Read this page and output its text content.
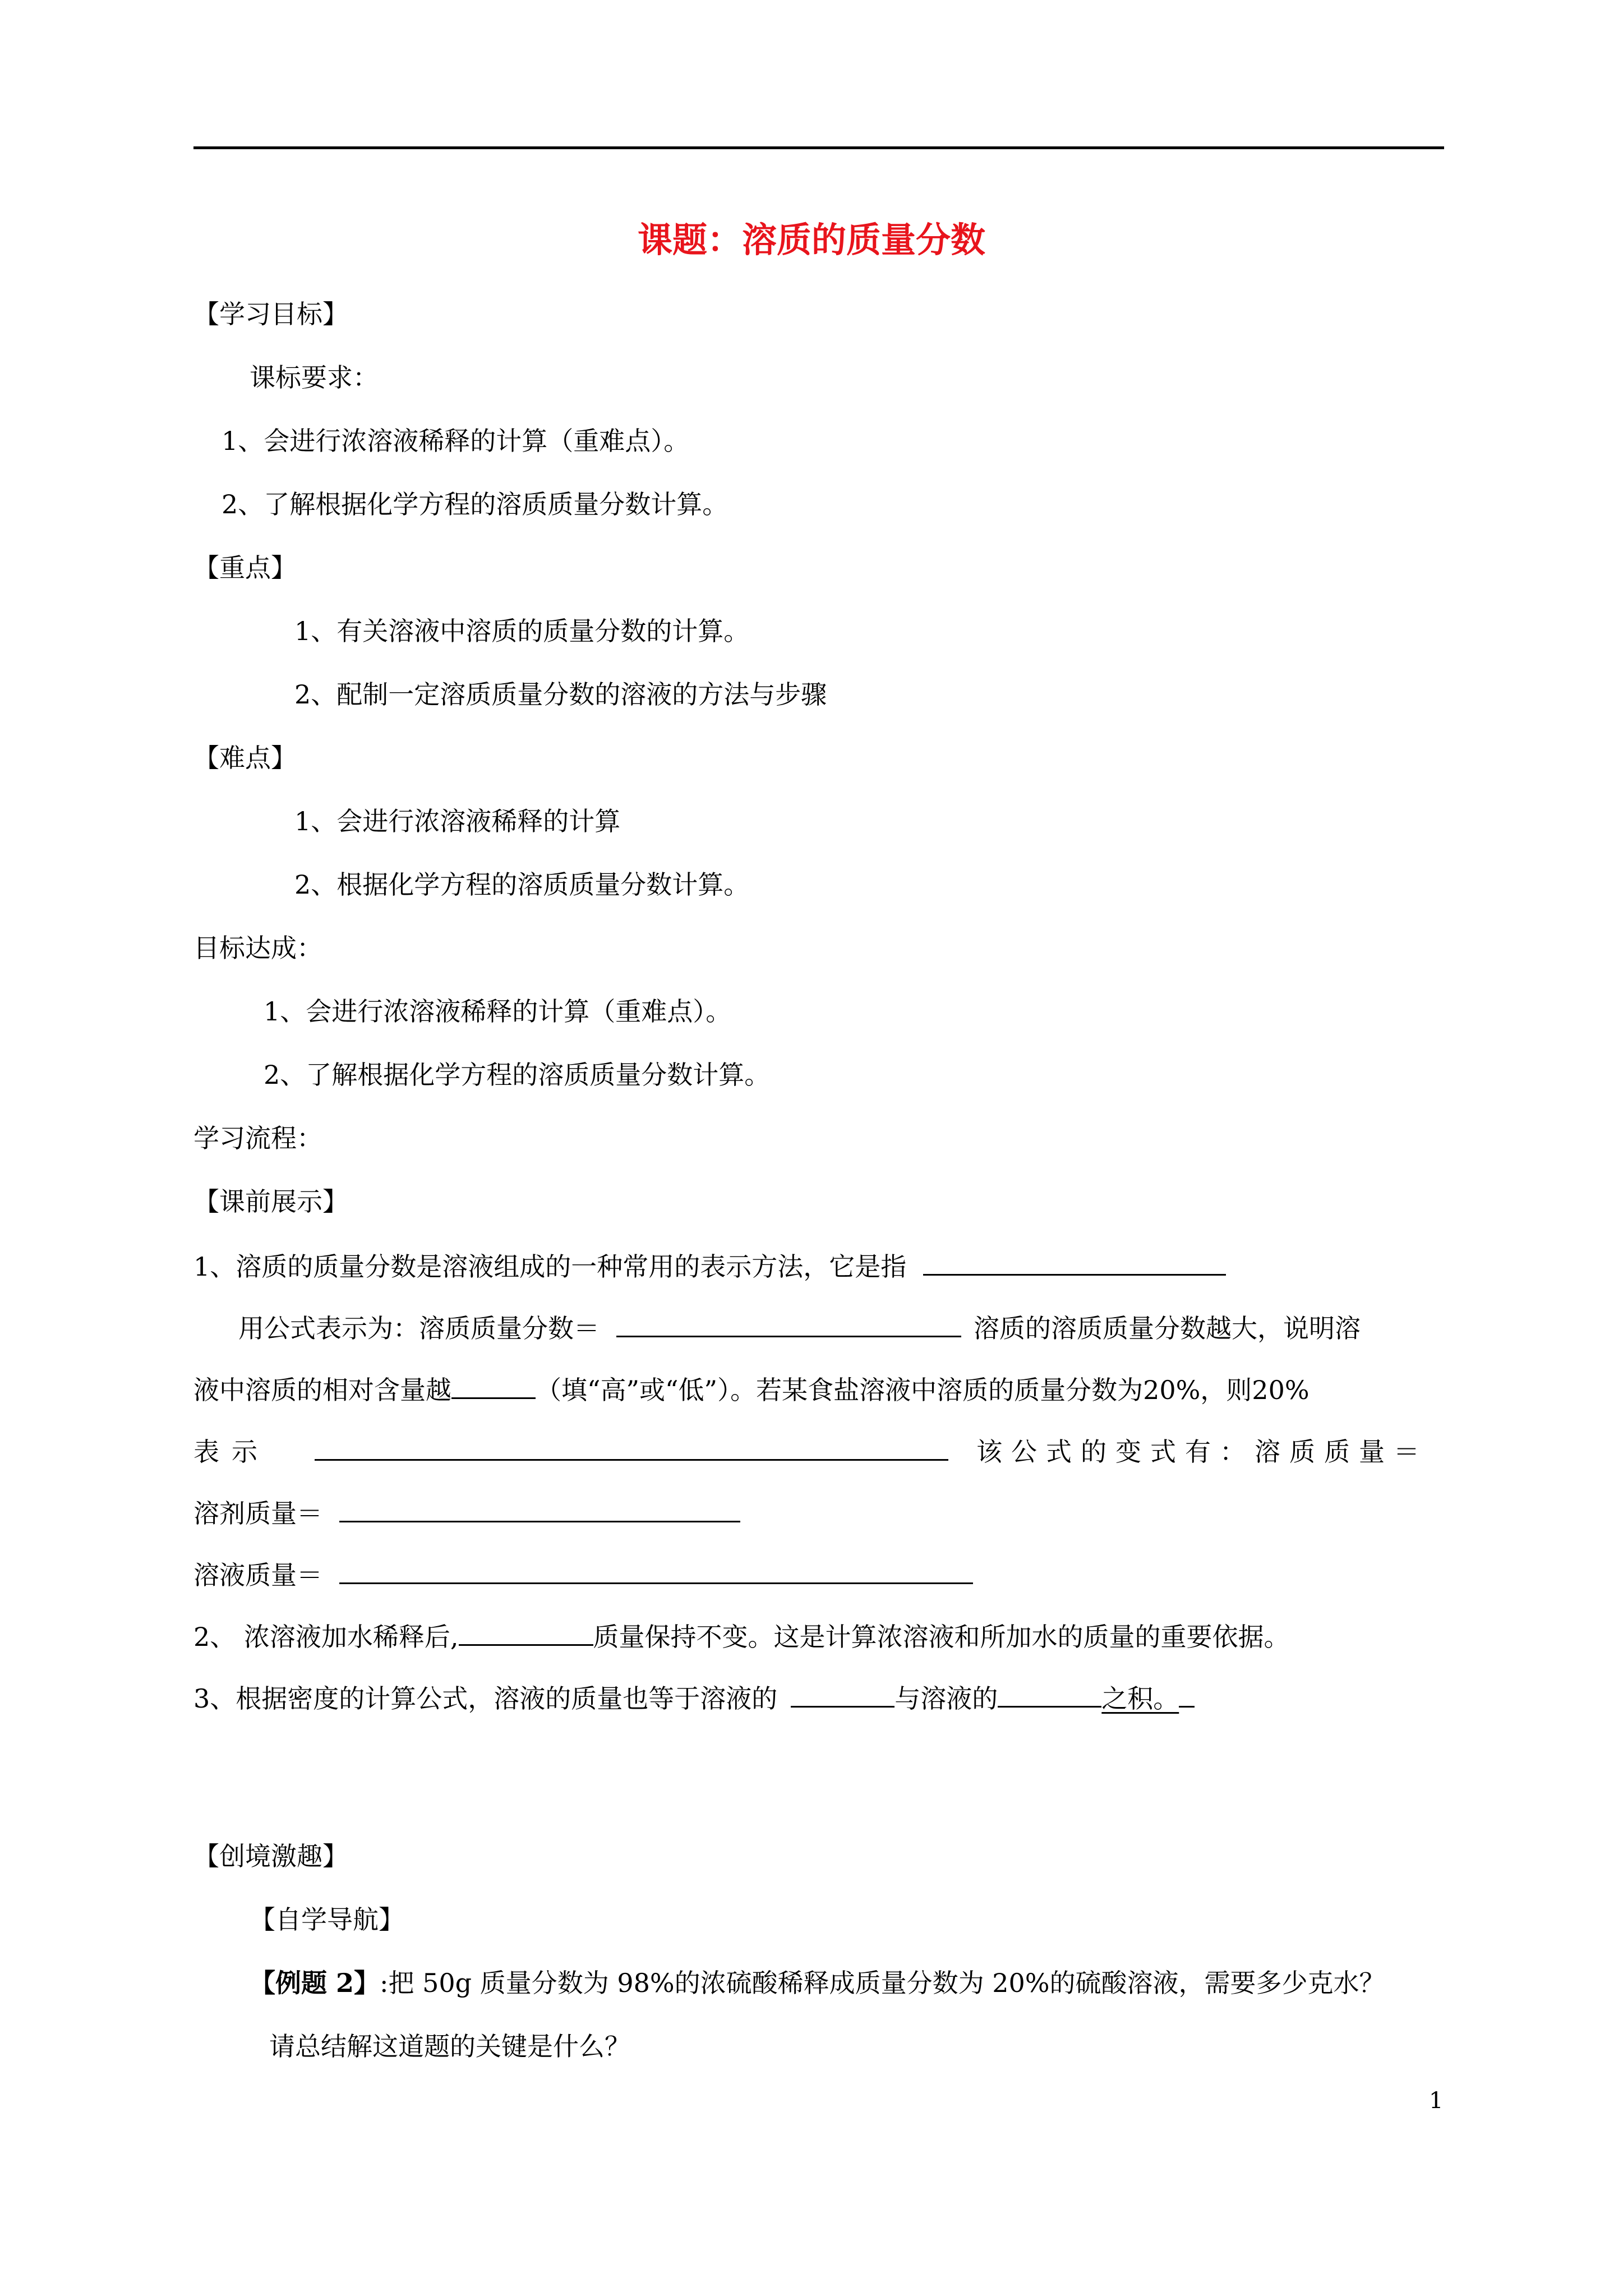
课题：溶质的质量分数
【学习目标】
课标要求：
1、会进行浓溶液稀释的计算（重难点）。
2、了解根据化学方程的溶质质量分数计算。
【重点】
1、有关溶液中溶质的质量分数的计算。
2、配制一定溶质质量分数的溶液的方法与步骤
【难点】
1、会进行浓溶液稀释的计算
2、根据化学方程的溶质质量分数计算。
目标达成：
1、会进行浓溶液稀释的计算（重难点）。
2、了解根据化学方程的溶质质量分数计算。
学习流程：
【课前展示】
1、溶质的质量分数是溶液组成的一种常用的表示方法，它是指
用公式表示为：溶质质量分数＝	溶质的溶质质量分数越大，说明溶
液中溶质的相对含量越	（填“高”或“低”）。若某食盐溶液中溶质的质量分数为20%，则20%
表示	该公式的变式有：溶质质量＝
溶剂质量＝
溶液质量＝
2、 浓溶液加水稀释后,	质量保持不变。这是计算浓溶液和所加水的质量的重要依据。
3、根据密度的计算公式，溶液的质量也等于溶液的	与溶液的	之积。
【创境激趣】
【自学导航】
【例题 2】:把 50g 质量分数为 98%的浓硫酸稀释成质量分数为 20%的硫酸溶液，需要多少克水？
请总结解这道题的关键是什么？
1
